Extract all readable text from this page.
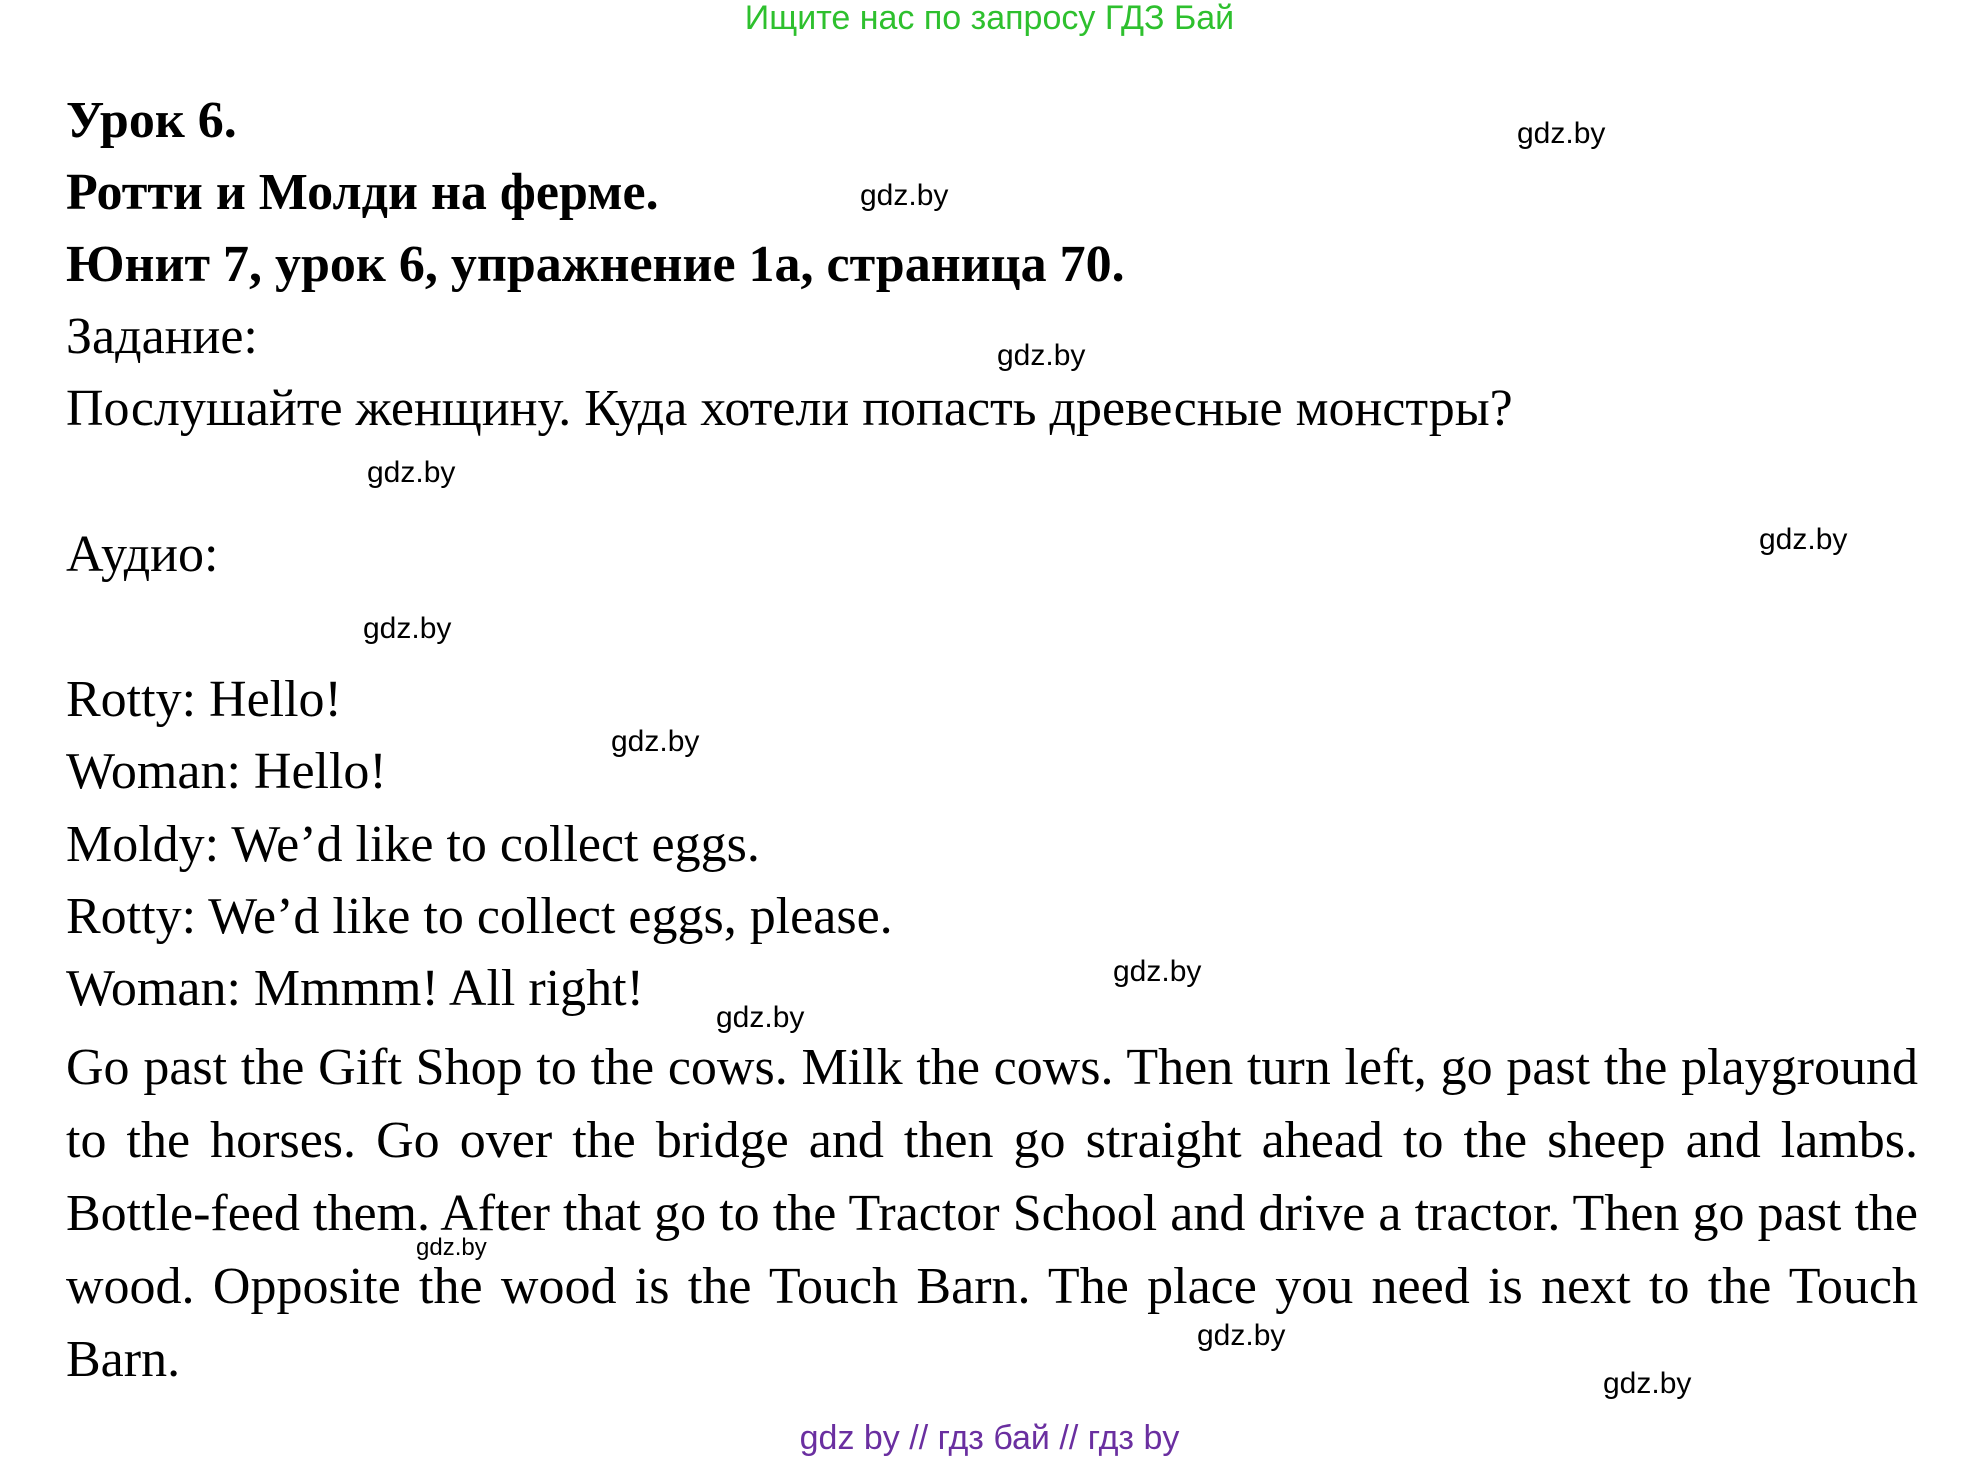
Ищите нас по запросу ГДЗ Бай
Урок 6.
Ротти и Молди на ферме.
Юнит 7, урок 6, упражнение 1а, страница 70.
Задание:
Послушайте женщину. Куда хотели попасть древесные монстры?
Аудио:
Rotty: Hello!
Woman: Hello!
Moldy: We’d like to collect eggs.
Rotty: We’d like to collect eggs, please.
Woman: Mmmm! All right!
Go past the Gift Shop to the cows. Milk the cows. Then turn left, go past the playground to the horses. Go over the bridge and then go straight ahead to the sheep and lambs. Bottle-feed them. After that go to the Tractor School and drive a tractor. Then go past the wood. Opposite the wood is the Touch Barn. The place you need is next to the Touch Barn.
gdz.by
gdz.by
gdz.by
gdz.by
gdz.by
gdz.by
gdz.by
gdz.by
gdz.by
gdz.by
gdz.by
gdz.by
gdz by // гдз бай // гдз by
